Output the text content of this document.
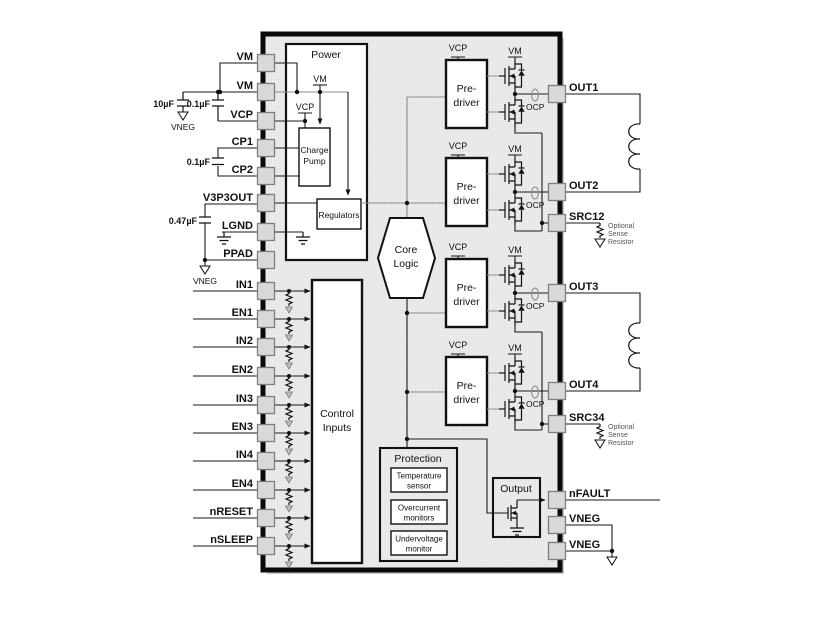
Power
VCP
VM
Charge
Pump
Regulators
Core
Logic
Control
Inputs
Protection
Temperature
sensor
Overcurrent
monitors
Undervoltage
monitor
Output
VCP
Pre-
driver
VM
OCP
VCP
Pre-
driver
VM
OCP
VCP
Pre-
driver
VM
OCP
VCP
Pre-
driver
VM
OCP
10µF
VNEG
0.1µF
0.1µF
0.47µF
VNEG
Optional
Sense
Resistor
Optional
Sense
Resistor
VM
VM
VCP
CP1
CP2
V3P3OUT
LGND
PPAD
IN1
EN1
IN2
EN2
IN3
EN3
IN4
EN4
nRESET
nSLEEP
OUT1
OUT2
SRC12
OUT3
OUT4
SRC34
nFAULT
VNEG
VNEG
